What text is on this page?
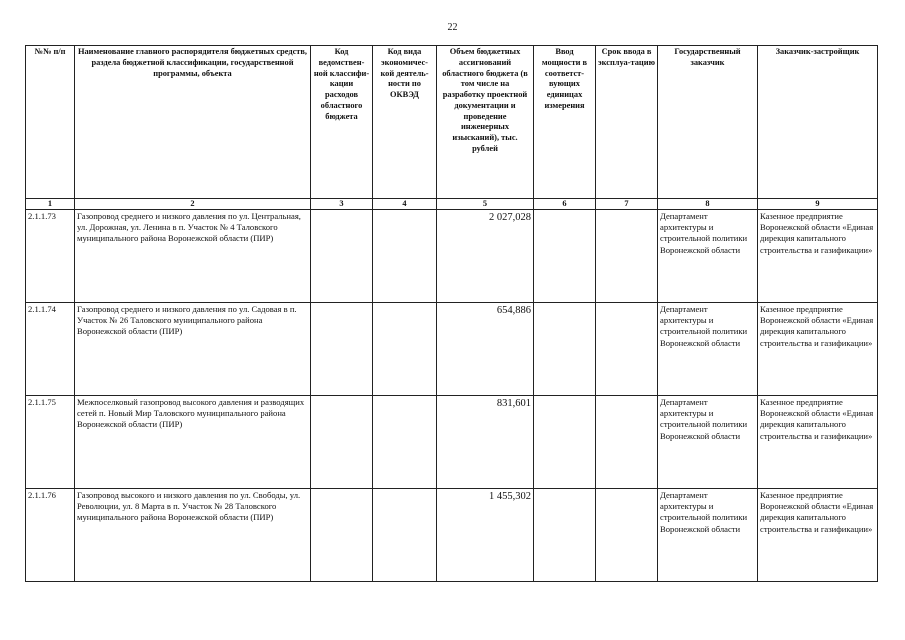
22
№№ п/п	Наименование главного распорядителя бюджетных средств, раздела бюджетной классификации, государственной программы, объекта	Код ведомствен-ной классифи-кации расходов областного бюджета	Код вида экономичес-кой деятель-ности по ОКВЭД	Объем бюджетных ассигнований областного бюджета (в том числе на разработку проектной документации и проведение инженерных изысканий), тыс. рублей	Ввод мощности в соответст-вующих единицах измерения	Срок ввода в эксплуа-тацию	Государственный заказчик	Заказчик-застройщик
1	2	3	4	5	6	7	8	9
2.1.1.73	Газопровод среднего и низкого давления по ул. Центральная, ул. Дорожная, ул. Ленина в п. Участок № 4 Таловского муниципального района Воронежской области (ПИР)			2 027,028			Департамент архитектуры и строительной политики Воронежской области	Казенное предприятие Воронежской области «Единая дирекция капитального строительства и газификации»
2.1.1.74	Газопровод среднего и низкого давления по ул. Садовая в п. Участок № 26 Таловского муниципального района Воронежской области (ПИР)			654,886			Департамент архитектуры и строительной политики Воронежской области	Казенное предприятие Воронежской области «Единая дирекция капитального строительства и газификации»
2.1.1.75	Межпоселковый газопровод высокого давления и разводящих сетей п. Новый Мир Таловского муниципального района Воронежской области (ПИР)			831,601			Департамент архитектуры и строительной политики Воронежской области	Казенное предприятие Воронежской области «Единая дирекция капитального строительства и газификации»
2.1.1.76	Газопровод высокого и низкого давления по ул. Свободы, ул. Революции, ул. 8 Марта в п. Участок № 28 Таловского муниципального района Воронежской области (ПИР)			1 455,302			Департамент архитектуры и строительной политики Воронежской области	Казенное предприятие Воронежской области «Единая дирекция капитального строительства и газификации»
